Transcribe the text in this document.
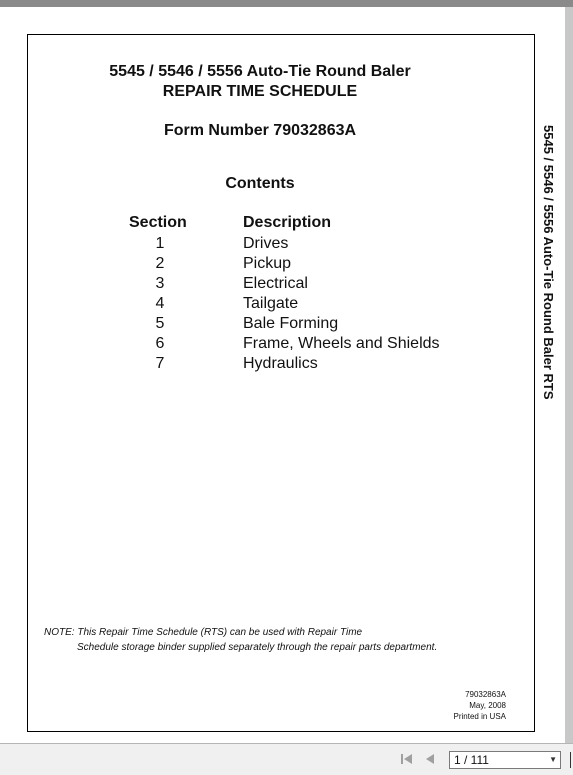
5545 / 5546 / 5556 Auto-Tie Round Baler
REPAIR TIME SCHEDULE
Form Number 79032863A
Contents
Section	Description
1	Drives
2	Pickup
3	Electrical
4	Tailgate
5	Bale Forming
6	Frame, Wheels and Shields
7	Hydraulics
NOTE: This Repair Time Schedule (RTS) can be used with Repair Time
Schedule storage binder supplied separately through the repair parts department.
79032863A
May, 2008
Printed in USA
5545 / 5546 / 5556 Auto-Tie Round Baler RTS
1 / 111	▼
